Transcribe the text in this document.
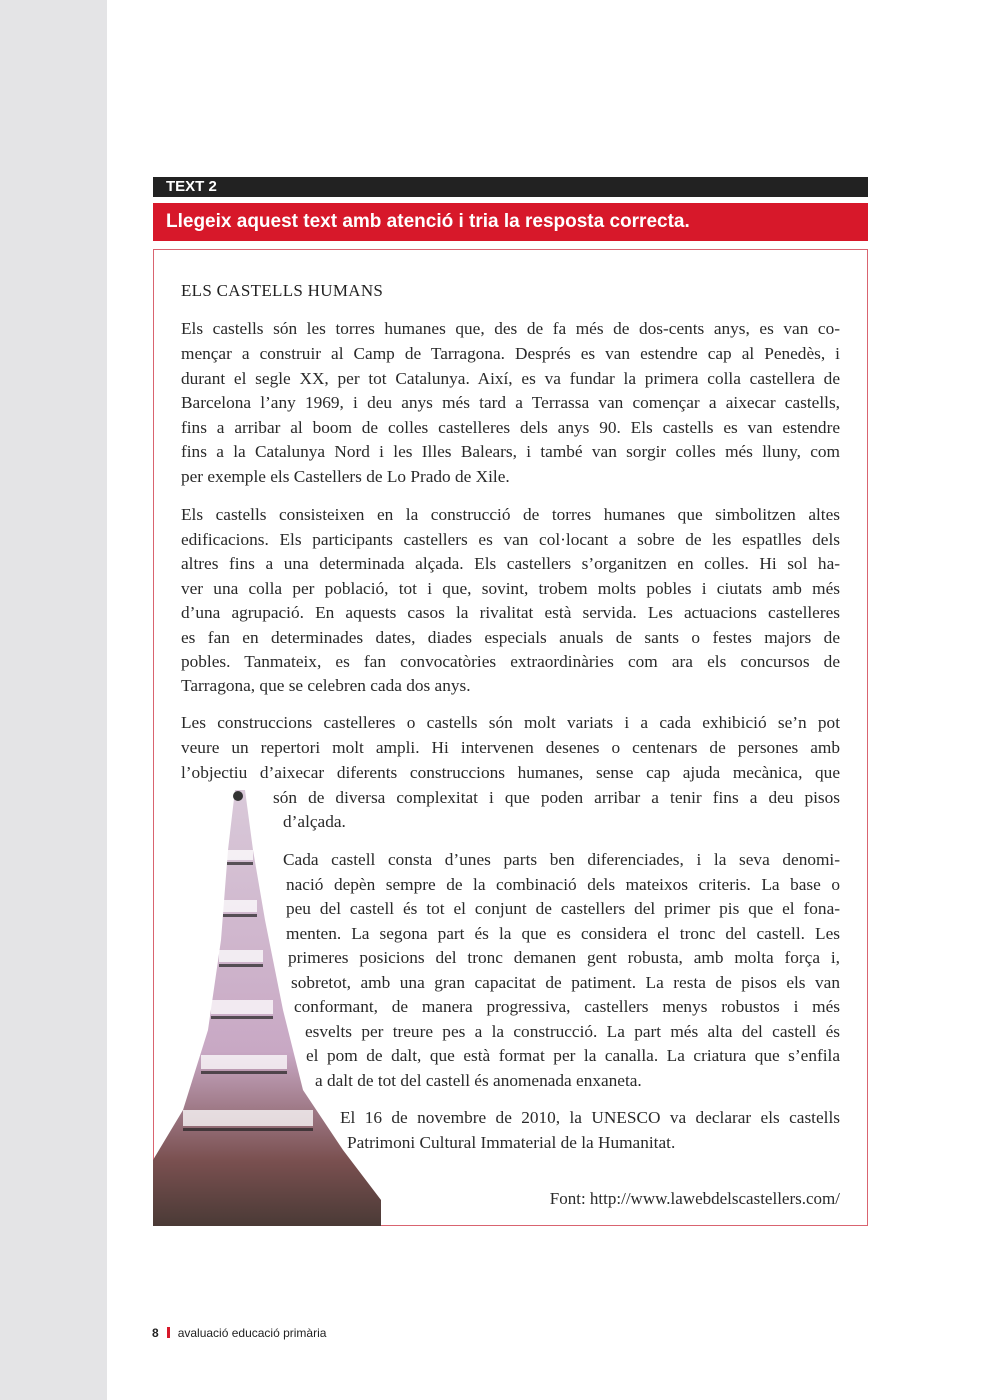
TEXT 2
Llegeix aquest text amb atenció i tria la resposta correcta.
ELS CASTELLS HUMANS
Els castells són les torres humanes que, des de fa més de dos-cents anys, es van co-
mençar a construir al Camp de Tarragona. Després es van estendre cap al Penedès, i
durant el segle XX, per tot Catalunya. Així, es va fundar la primera colla castellera de
Barcelona l’any 1969, i deu anys més tard a Terrassa van començar a aixecar castells,
fins a arribar al boom de colles castelleres dels anys 90. Els castells es van estendre
fins a la Catalunya Nord i les Illes Balears, i també van sorgir colles més lluny, com
per exemple els Castellers de Lo Prado de Xile.
Els castells consisteixen en la construcció de torres humanes que simbolitzen altes
edificacions. Els participants castellers es van col·locant a sobre de les espatlles dels
altres fins a una determinada alçada. Els castellers s’organitzen en colles. Hi sol ha-
ver una colla per població, tot i que, sovint, trobem molts pobles i ciutats amb més
d’una agrupació. En aquests casos la rivalitat està servida. Les actuacions castelleres
es fan en determinades dates, diades especials anuals de sants o festes majors de
pobles. Tanmateix, es fan convocatòries extraordinàries com ara els concursos de
Tarragona, que se celebren cada dos anys.
Les construccions castelleres o castells són molt variats i a cada exhibició se’n pot
veure un repertori molt ampli. Hi intervenen desenes o centenars de persones amb
l’objectiu d’aixecar diferents construccions humanes, sense cap ajuda mecànica, que
són de diversa complexitat i que poden arribar a tenir fins a deu pisos
d’alçada.
Cada castell consta d’unes parts ben diferenciades, i la seva denomi-
nació depèn sempre de la combinació dels mateixos criteris. La base o
peu del castell és tot el conjunt de castellers del primer pis que el fona-
menten. La segona part és la que es considera el tronc del castell. Les
primeres posicions del tronc demanen gent robusta, amb molta força i,
sobretot, amb una gran capacitat de patiment. La resta de pisos els van
conformant, de manera progressiva, castellers menys robustos i més
esvelts per treure pes a la construcció. La part més alta del castell és
el pom de dalt, que està format per la canalla. La criatura que s’enfila
a dalt de tot del castell és anomenada enxaneta.
El 16 de novembre de 2010, la UNESCO va declarar els castells
Patrimoni Cultural Immaterial de la Humanitat.
Font: http://www.lawebdelscastellers.com/
8 avaluació educació primària
